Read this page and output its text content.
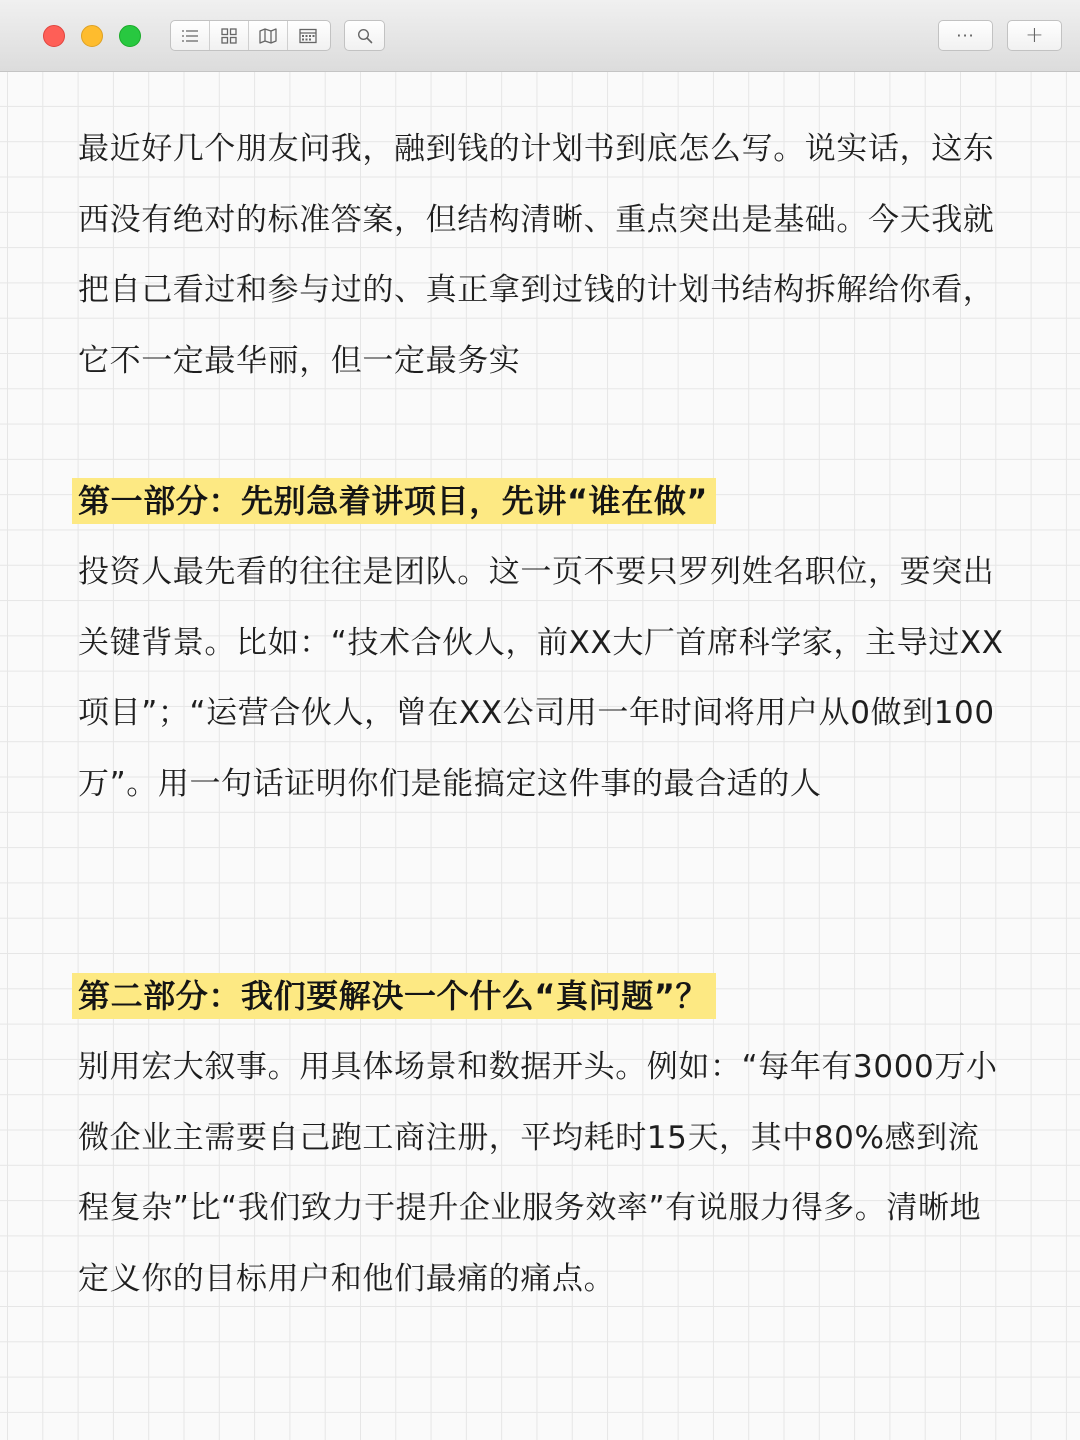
··· +

最近好几个朋友问我，融到钱的计划书到底怎么写。说实话，这东西没有绝对的标准答案，但结构清晰、重点突出是基础。今天我就把自己看过和参与过的、真正拿到过钱的计划书结构拆解给你看，它不一定最华丽，但一定最务实

第一部分：先别急着讲项目，先讲“谁在做”

投资人最先看的往往是团队。这一页不要只罗列姓名职位，要突出关键背景。比如：“技术合伙人，前XX大厂首席科学家，主导过XX项目”；“运营合伙人，曾在XX公司用一年时间将用户从0做到100万”。用一句话证明你们是能搞定这件事的最合适的人

第二部分：我们要解决一个什么“真问题”？

别用宏大叙事。用具体场景和数据开头。例如：“每年有3000万小微企业主需要自己跑工商注册，平均耗时15天，其中80%感到流程复杂”比“我们致力于提升企业服务效率”有说服力得多。清晰地定义你的目标用户和他们最痛的痛点。
